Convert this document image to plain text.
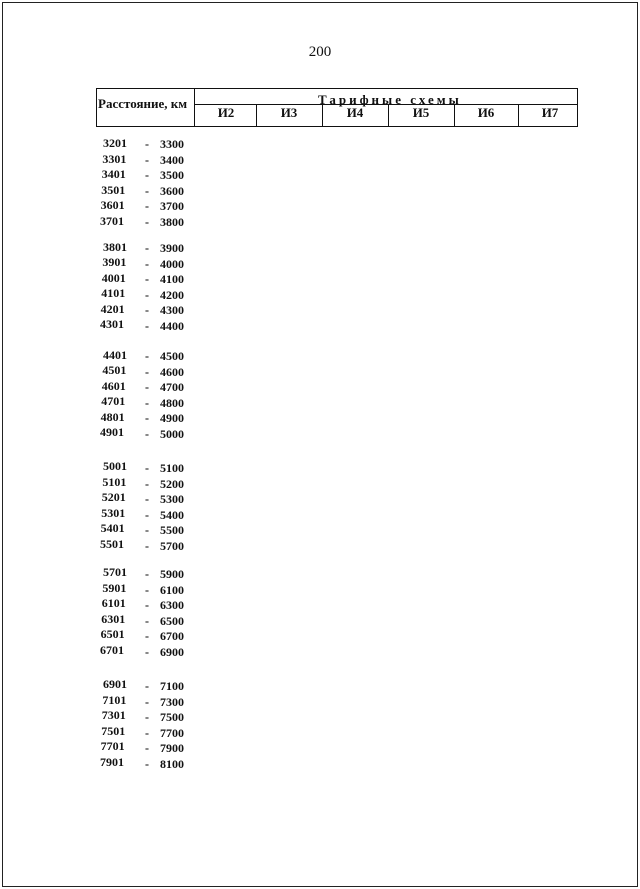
200
Расстояние, км	Тарифные схемы
И2	И3	И4	И5	И6	И7
3201 - 3300
3301 - 3400
3401 - 3500
3501 - 3600
3601 - 3700
3701 - 3800
3801 - 3900
3901 - 4000
4001 - 4100
4101 - 4200
4201 - 4300
4301 - 4400
4401 - 4500
4501 - 4600
4601 - 4700
4701 - 4800
4801 - 4900
4901 - 5000
5001 - 5100
5101 - 5200
5201 - 5300
5301 - 5400
5401 - 5500
5501 - 5700
5701 - 5900
5901 - 6100
6101 - 6300
6301 - 6500
6501 - 6700
6701 - 6900
6901 - 7100
7101 - 7300
7301 - 7500
7501 - 7700
7701 - 7900
7901 - 8100
